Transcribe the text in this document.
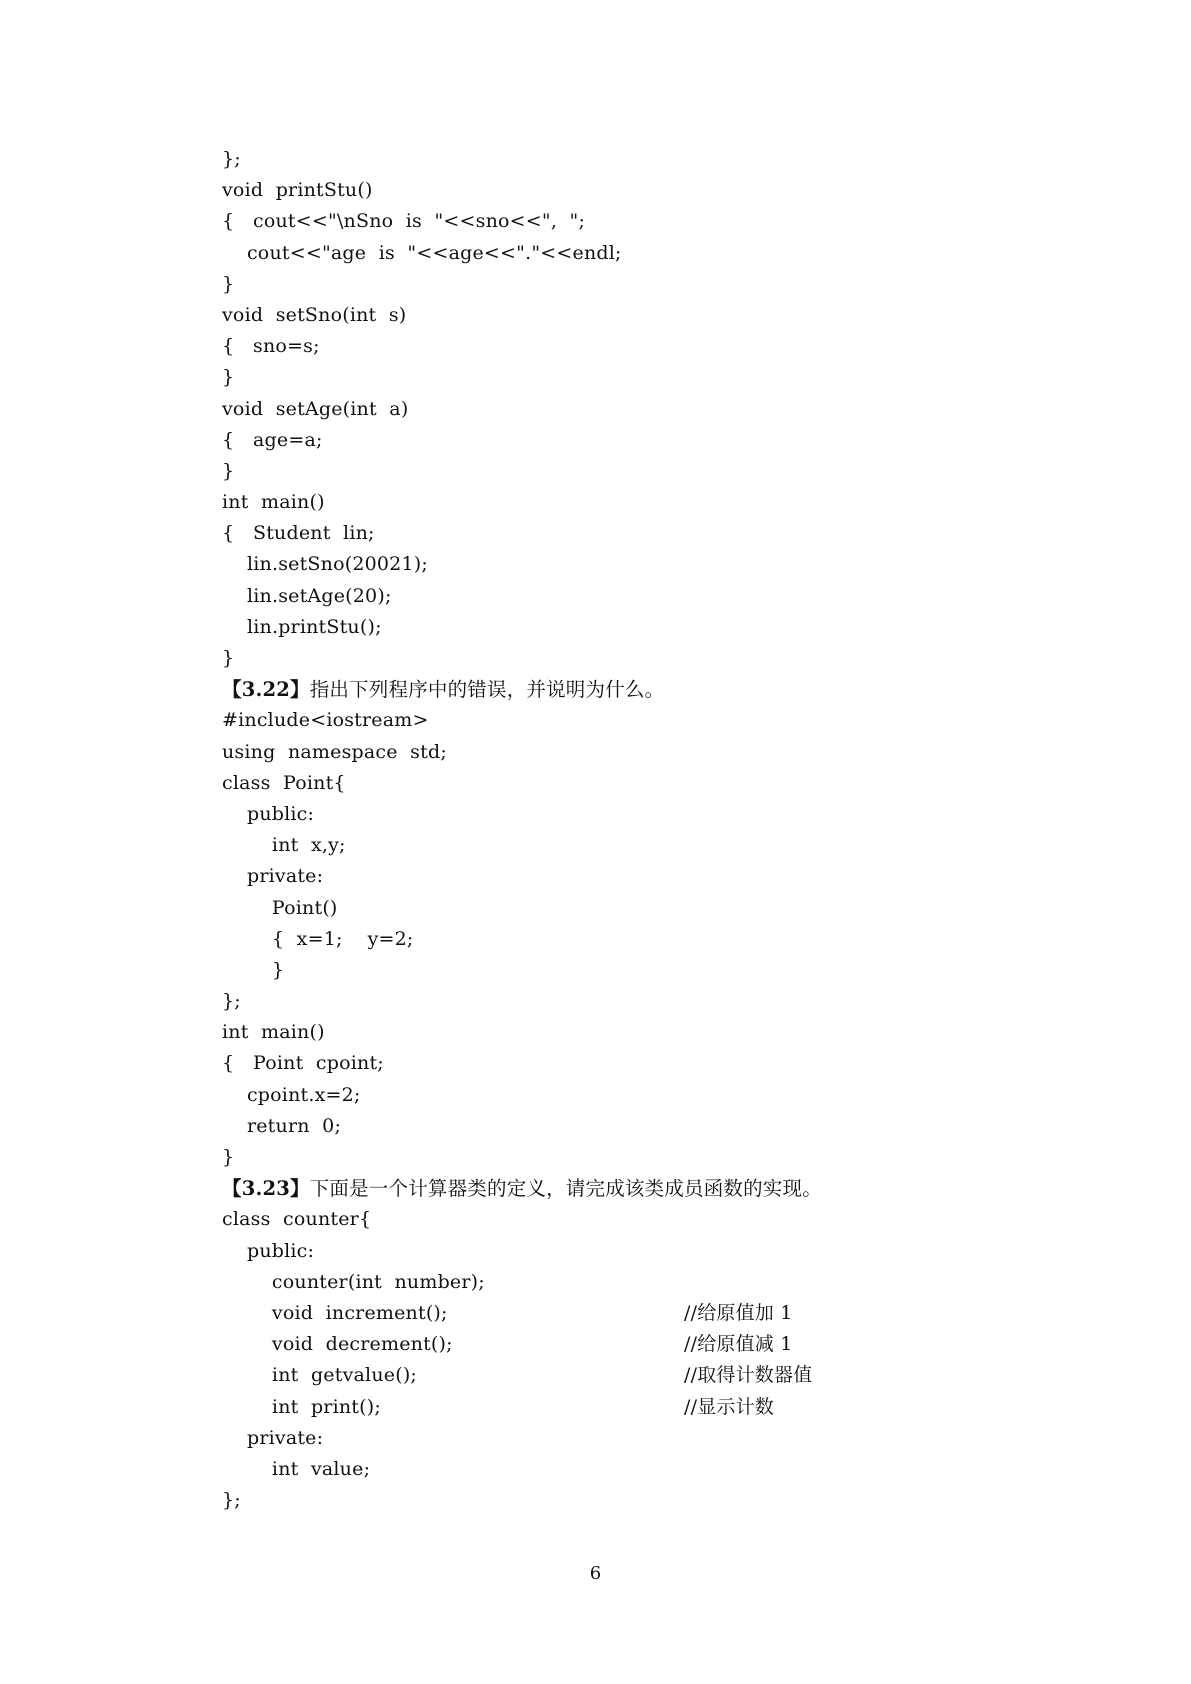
};
void  printStu()
{   cout<<"\nSno  is  "<<sno<<",  ";
cout<<"age  is  "<<age<<"."<<endl;
}
void  setSno(int  s)
{   sno=s;
}
void  setAge(int  a)
{   age=a;
}
int  main()
{   Student  lin;
lin.setSno(20021);
lin.setAge(20);
lin.printStu();
}
【3.22】指出下列程序中的错误，并说明为什么。
#include<iostream>
using  namespace  std;
class  Point{
public:
int  x,y;
private:
Point()
{  x=1;    y=2;
}
};
int  main()
{   Point  cpoint;
cpoint.x=2;
return  0;
}
【3.23】下面是一个计算器类的定义，请完成该类成员函数的实现。
class  counter{
public:
counter(int  number);
void  increment();	//给原值加 1
void  decrement();	//给原值减 1
int  getvalue();	//取得计数器值
int  print();	//显示计数
private:
int  value;
};
6
